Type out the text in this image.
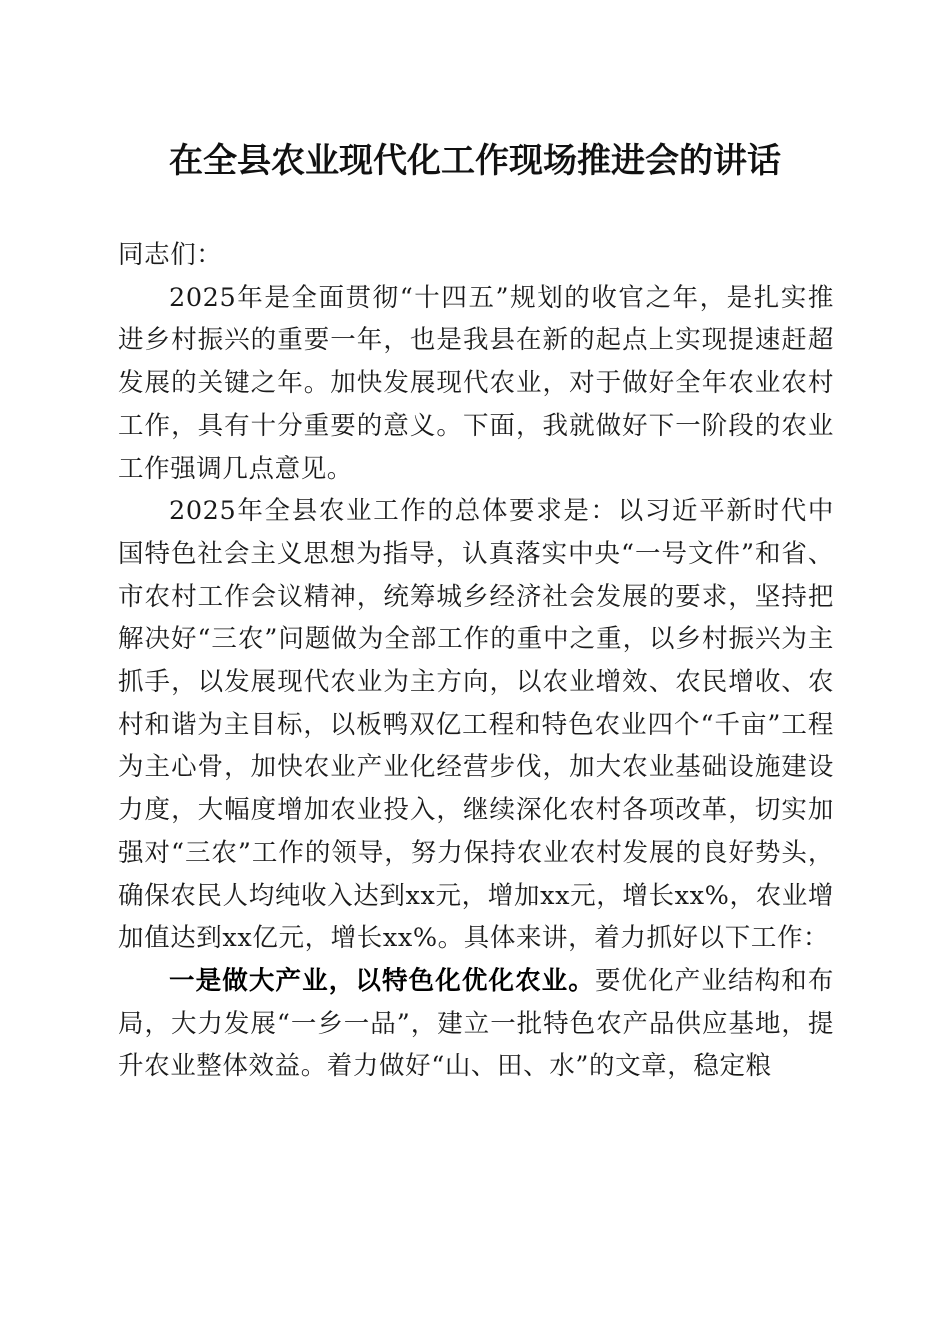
在全县农业现代化工作现场推进会的讲话

同志们：

2025年是全面贯彻“十四五”规划的收官之年，是扎实推进乡村振兴的重要一年，也是我县在新的起点上实现提速赶超发展的关键之年。加快发展现代农业，对于做好全年农业农村工作，具有十分重要的意义。下面，我就做好下一阶段的农业工作强调几点意见。

2025年全县农业工作的总体要求是：以习近平新时代中国特色社会主义思想为指导，认真落实中央“一号文件”和省、市农村工作会议精神，统筹城乡经济社会发展的要求，坚持把解决好“三农”问题做为全部工作的重中之重，以乡村振兴为主抓手，以发展现代农业为主方向，以农业增效、农民增收、农村和谐为主目标，以板鸭双亿工程和特色农业四个“千亩”工程为主心骨，加快农业产业化经营步伐，加大农业基础设施建设力度，大幅度增加农业投入，继续深化农村各项改革，切实加强对“三农”工作的领导，努力保持农业农村发展的良好势头，确保农民人均纯收入达到xx元，增加xx元，增长xx%，农业增加值达到xx亿元，增长xx%。具体来讲，着力抓好以下工作：

一是做大产业，以特色化优化农业。要优化产业结构和布局，大力发展“一乡一品”，建立一批特色农产品供应基地，提升农业整体效益。着力做好“山、田、水”的文章，稳定粮
